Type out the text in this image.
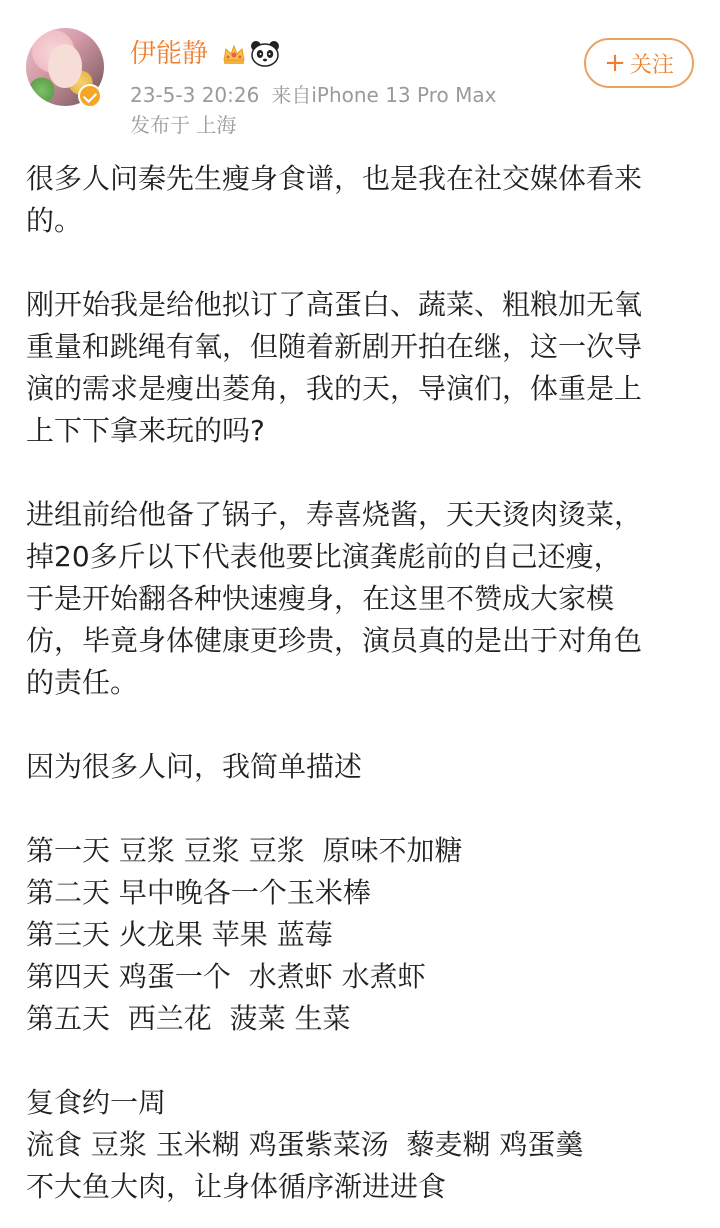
伊能静
23-5-3 20:26 来自iPhone 13 Pro Max
发布于 上海
+ 关注

很多人问秦先生瘦身食谱，也是我在社交媒体看来

的。

刚开始我是给他拟订了高蛋白、蔬菜、粗粮加无氧

重量和跳绳有氧，但随着新剧开拍在继，这一次导

演的需求是瘦出菱角，我的天，导演们，体重是上

上下下拿来玩的吗?

进组前给他备了锅子，寿喜烧酱，天天烫肉烫菜，

掉20多斤以下代表他要比演龚彪前的自己还瘦，

于是开始翻各种快速瘦身，在这里不赞成大家模

仿，毕竟身体健康更珍贵，演员真的是出于对角色

的责任。

因为很多人问，我简单描述

第一天 豆浆 豆浆 豆浆  原味不加糖

第二天 早中晚各一个玉米棒

第三天 火龙果 苹果 蓝莓

第四天 鸡蛋一个  水煮虾 水煮虾

第五天  西兰花  菠菜 生菜

复食约一周

流食 豆浆 玉米糊 鸡蛋紫菜汤  藜麦糊 鸡蛋羹

不大鱼大肉，让身体循序渐进进食
